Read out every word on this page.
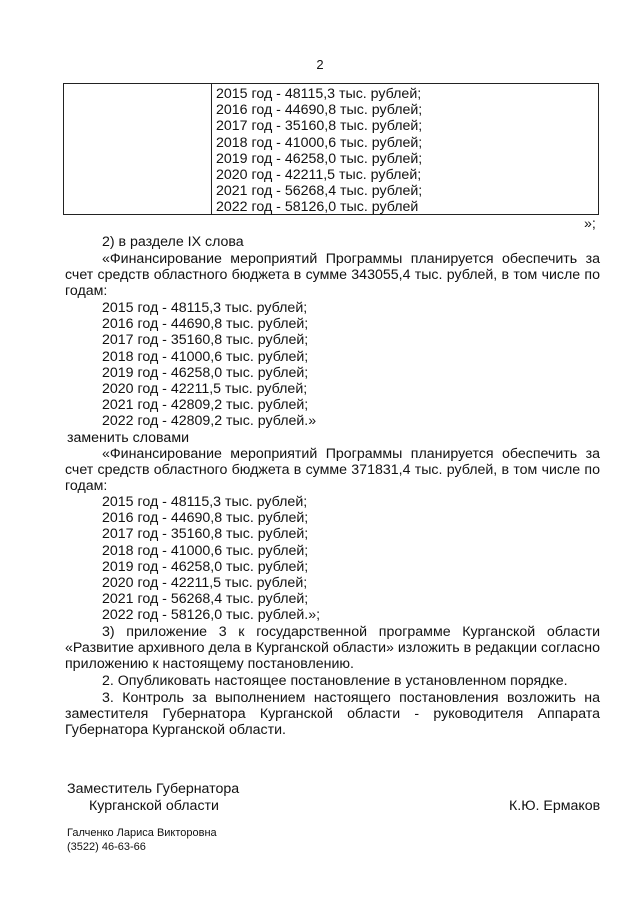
2
2015 год - 48115,3 тыс. рублей;
2016 год - 44690,8 тыс. рублей;
2017 год - 35160,8 тыс. рублей;
2018 год - 41000,6 тыс. рублей;
2019 год - 46258,0 тыс. рублей;
2020 год - 42211,5 тыс. рублей;
2021 год - 56268,4 тыс. рублей;
2022 год - 58126,0 тыс. рублей
»;
2) в разделе IX слова
«Финансирование мероприятий Программы планируется обеспечить за
счет средств областного бюджета в сумме 343055,4 тыс. рублей, в том числе по
годам:
2015 год - 48115,3 тыс. рублей;
2016 год - 44690,8 тыс. рублей;
2017 год - 35160,8 тыс. рублей;
2018 год - 41000,6 тыс. рублей;
2019 год - 46258,0 тыс. рублей;
2020 год - 42211,5 тыс. рублей;
2021 год - 42809,2 тыс. рублей;
2022 год - 42809,2 тыс. рублей.»
заменить словами
«Финансирование мероприятий Программы планируется обеспечить за
счет средств областного бюджета в сумме 371831,4 тыс. рублей, в том числе по
годам:
2015 год - 48115,3 тыс. рублей;
2016 год - 44690,8 тыс. рублей;
2017 год - 35160,8 тыс. рублей;
2018 год - 41000,6 тыс. рублей;
2019 год - 46258,0 тыс. рублей;
2020 год - 42211,5 тыс. рублей;
2021 год - 56268,4 тыс. рублей;
2022 год - 58126,0 тыс. рублей.»;
3) приложение 3 к государственной программе Курганской области
«Развитие архивного дела в Курганской области» изложить в редакции согласно
приложению к настоящему постановлению.
2. Опубликовать настоящее постановление в установленном порядке.
3. Контроль за выполнением настоящего постановления возложить на
заместителя Губернатора Курганской области - руководителя Аппарата
Губернатора Курганской области.
Заместитель Губернатора
Курганской области	К.Ю. Ермаков
Галченко Лариса Викторовна
(3522) 46-63-66
